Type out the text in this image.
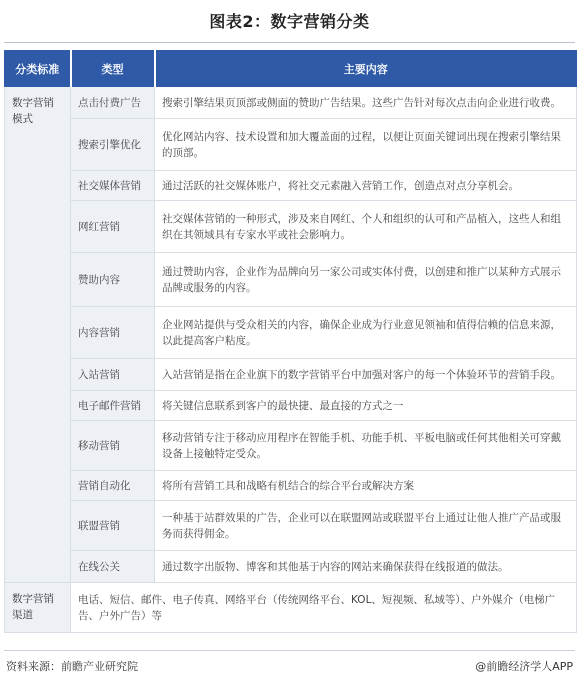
图表2：数字营销分类
分类标准	类型	主要内容
数字营销模式	点击付费广告	搜索引擎结果页顶部或侧面的赞助广告结果。这些广告针对每次点击向企业进行收费。
	搜索引擎优化	优化网站内容、技术设置和加大覆盖面的过程，以便让页面关键词出现在搜索引擎结果的顶部。
	社交媒体营销	通过活跃的社交媒体账户，将社交元素融入营销工作，创造点对点分享机会。
	网红营销	社交媒体营销的一种形式，涉及来自网红、个人和组织的认可和产品植入，这些人和组织在其领域具有专家水平或社会影响力。
	赞助内容	通过赞助内容，企业作为品牌向另一家公司或实体付费，以创建和推广以某种方式展示品牌或服务的内容。
	内容营销	企业网站提供与受众相关的内容，确保企业成为行业意见领袖和值得信赖的信息来源，以此提高客户粘度。
	入站营销	入站营销是指在企业旗下的数字营销平台中加强对客户的每一个体验环节的营销手段。
	电子邮件营销	将关键信息联系到客户的最快捷、最直接的方式之一
	移动营销	移动营销专注于移动应用程序在智能手机、功能手机、平板电脑或任何其他相关可穿戴设备上接触特定受众。
	营销自动化	将所有营销工具和战略有机结合的综合平台或解决方案
	联盟营销	一种基于站群效果的广告，企业可以在联盟网站或联盟平台上通过让他人推广产品或服务而获得佣金。
	在线公关	通过数字出版物、博客和其他基于内容的网站来确保获得在线报道的做法。
数字营销渠道	电话、短信、邮件、电子传真、网络平台（传统网络平台、KOL、短视频、私域等）、户外媒介（电梯广告、户外广告）等	
资料来源：前瞻产业研究院	@前瞻经济学人APP
